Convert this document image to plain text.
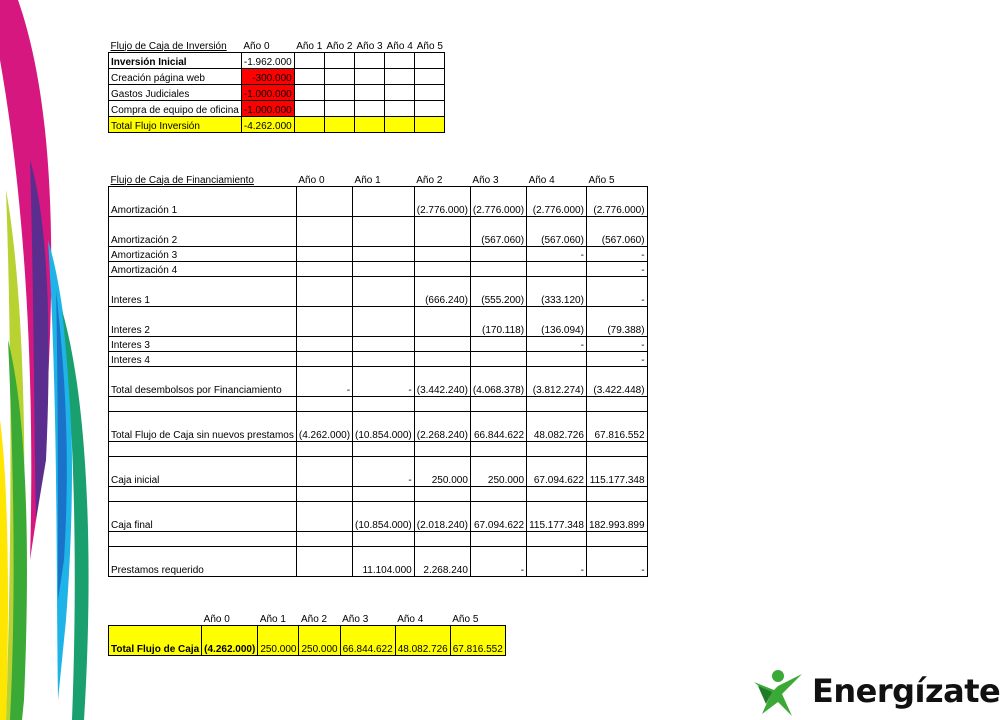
Flujo de Caja de Inversión	Año 0	Año 1	Año 2	Año 3	Año 4	Año 5
Inversión Inicial	-1.962.000					
Creación página web	-300.000					
Gastos Judiciales	-1.000.000					
Compra de equipo de oficina	-1.000.000					
Total Flujo Inversión	-4.262.000					
Flujo de Caja de Financiamiento	Año 0	Año 1	Año 2	Año 3	Año 4	Año 5
Amortización 1			(2.776.000)	(2.776.000)	(2.776.000)	(2.776.000)
Amortización 2				(567.060)	(567.060)	(567.060)
Amortización 3					-	-
Amortización 4						-
Interes 1			(666.240)	(555.200)	(333.120)	-
Interes 2				(170.118)	(136.094)	(79.388)
Interes 3					-	-
Interes 4						-
Total desembolsos por Financiamiento	-	-	(3.442.240)	(4.068.378)	(3.812.274)	(3.422.448)

Total Flujo de Caja sin nuevos prestamos	(4.262.000)	(10.854.000)	(2.268.240)	66.844.622	48.082.726	67.816.552

Caja inicial		-	250.000	250.000	67.094.622	115.177.348

Caja final		(10.854.000)	(2.018.240)	67.094.622	115.177.348	182.993.899

Prestamos requerido		11.104.000	2.268.240	-	-	-
	Año 0	Año 1	Año 2	Año 3	Año 4	Año 5
Total Flujo de Caja	(4.262.000)	250.000	250.000	66.844.622	48.082.726	67.816.552
Energízate
